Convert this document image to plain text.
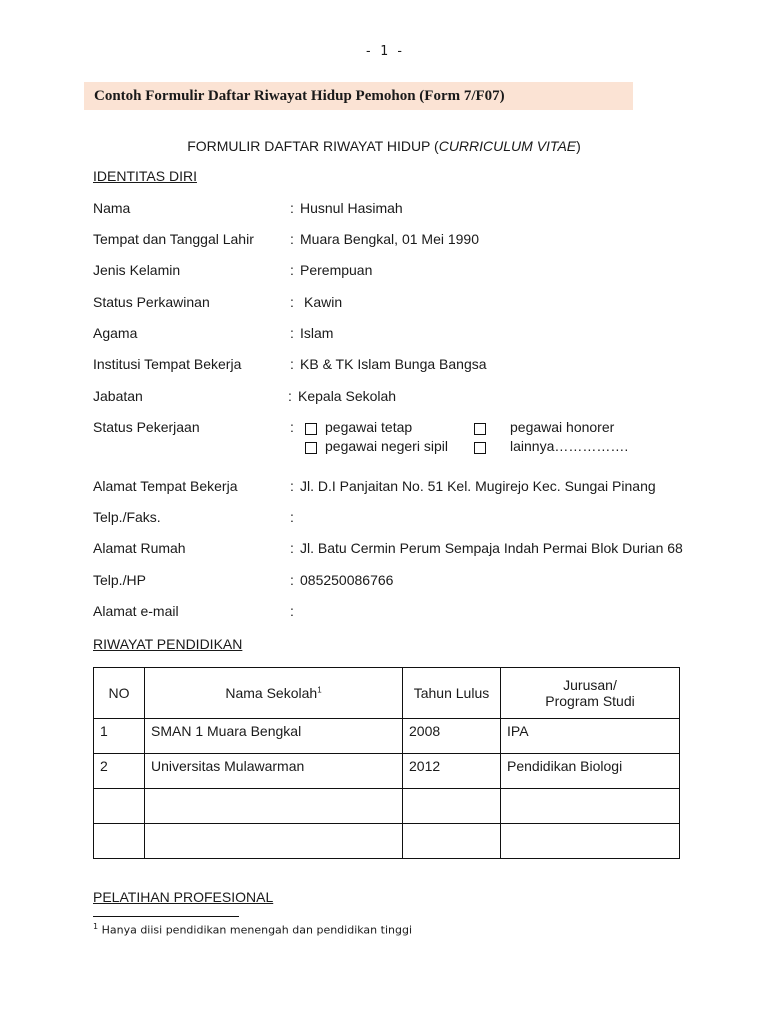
- 1 -
Contoh Formulir Daftar Riwayat Hidup Pemohon (Form 7/F07)
FORMULIR DAFTAR RIWAYAT HIDUP (CURRICULUM VITAE)
IDENTITAS DIRI
Nama	: Husnul Hasimah
Tempat dan Tanggal Lahir	: Muara Bengkal, 01 Mei 1990
Jenis Kelamin	: Perempuan
Status Perkawinan	: Kawin
Agama	: Islam
Institusi Tempat Bekerja	: KB & TK Islam Bunga Bangsa
Jabatan	: Kepala Sekolah
Status Pekerjaan	: pegawai tetap	pegawai honorer
pegawai negeri sipil	lainnya…………….
Alamat Tempat Bekerja	: Jl. D.I Panjaitan No. 51 Kel. Mugirejo Kec. Sungai Pinang
Telp./Faks.	:
Alamat Rumah	: Jl. Batu Cermin Perum Sempaja Indah Permai Blok Durian 68
Telp./HP	: 085250086766
Alamat e-mail	:
RIWAYAT PENDIDIKAN
NO	Nama Sekolah$^1$	Tahun Lulus	Jurusan/
Program Studi
1	SMAN 1 Muara Bengkal	2008	IPA
2	Universitas Mulawarman	2012	Pendidikan Biologi

PELATIHAN PROFESIONAL
$^1$ Hanya diisi pendidikan menengah dan pendidikan tinggi
